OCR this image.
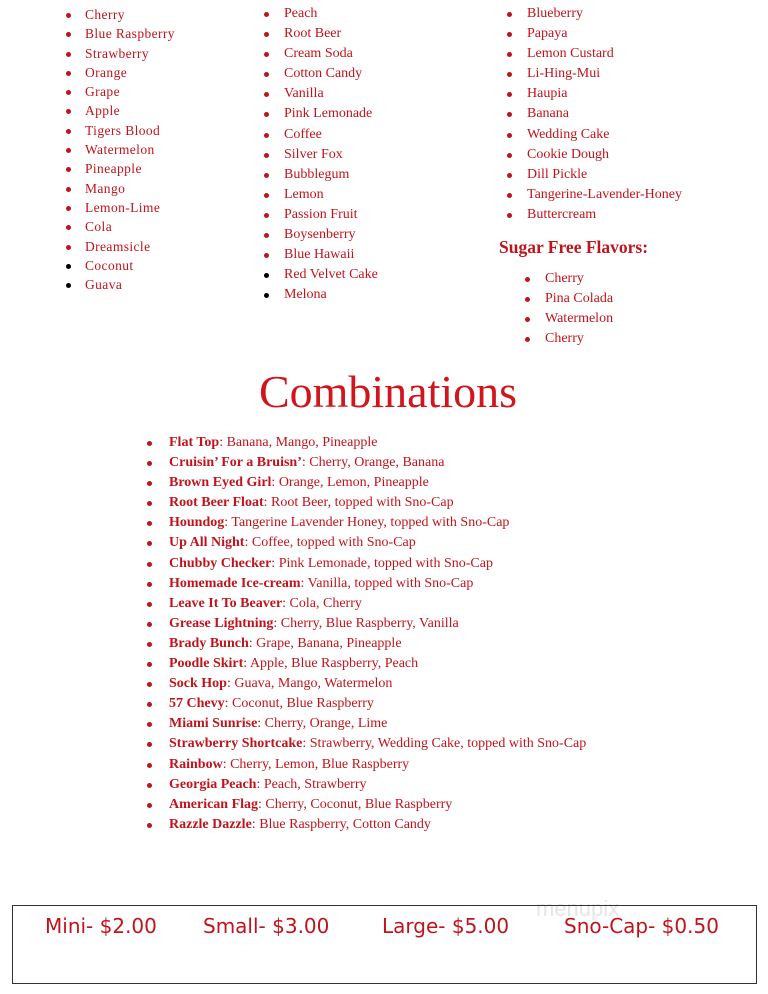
Cherry
Blue Raspberry
Strawberry
Orange
Grape
Apple
Tigers Blood
Watermelon
Pineapple
Mango
Lemon-Lime
Cola
Dreamsicle
Coconut
Guava
Peach
Root Beer
Cream Soda
Cotton Candy
Vanilla
Pink Lemonade
Coffee
Silver Fox
Bubblegum
Lemon
Passion Fruit
Boysenberry
Blue Hawaii
Red Velvet Cake
Melona
Blueberry
Papaya
Lemon Custard
Li-Hing-Mui
Haupia
Banana
Wedding Cake
Cookie Dough
Dill Pickle
Tangerine-Lavender-Honey
Buttercream
Sugar Free Flavors:
Cherry
Pina Colada
Watermelon
Cherry
Combinations
Flat Top: Banana, Mango, Pineapple
Cruisin’ For a Bruisn’: Cherry, Orange, Banana
Brown Eyed Girl: Orange, Lemon, Pineapple
Root Beer Float: Root Beer, topped with Sno-Cap
Houndog: Tangerine Lavender Honey, topped with Sno-Cap
Up All Night: Coffee, topped with Sno-Cap
Chubby Checker: Pink Lemonade, topped with Sno-Cap
Homemade Ice-cream: Vanilla, topped with Sno-Cap
Leave It To Beaver: Cola, Cherry
Grease Lightning: Cherry, Blue Raspberry, Vanilla
Brady Bunch: Grape, Banana, Pineapple
Poodle Skirt: Apple, Blue Raspberry, Peach
Sock Hop: Guava, Mango, Watermelon
57 Chevy: Coconut, Blue Raspberry
Miami Sunrise: Cherry, Orange, Lime
Strawberry Shortcake: Strawberry, Wedding Cake, topped with Sno-Cap
Rainbow: Cherry, Lemon, Blue Raspberry
Georgia Peach: Peach, Strawberry
American Flag: Cherry, Coconut, Blue Raspberry
Razzle Dazzle: Blue Raspberry, Cotton Candy
menupix
Mini- $2.00 Small- $3.00	Large- $5.00	Sno-Cap- $0.50
